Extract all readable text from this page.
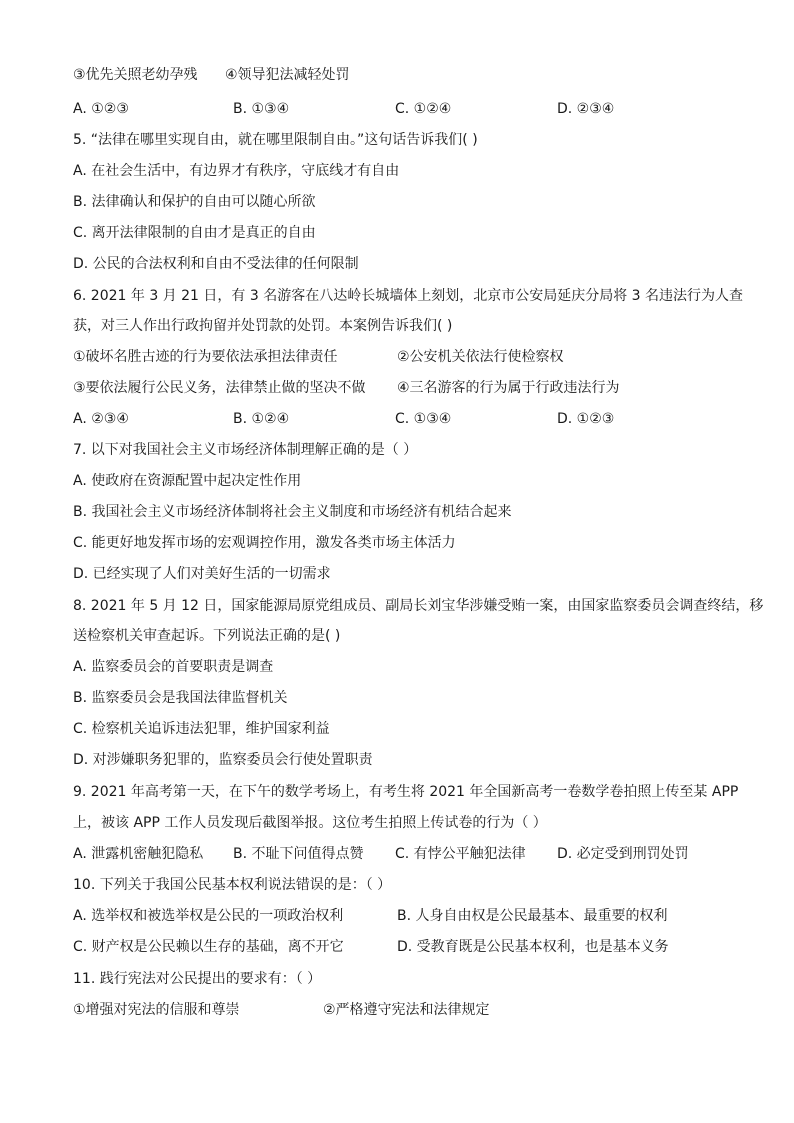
③优先关照老幼孕残 ④领导犯法减轻处罚
A. ①②③	B. ①③④	C. ①②④	D. ②③④
5. “法律在哪里实现自由，就在哪里限制自由。”这句话告诉我们( )
A. 在社会生活中，有边界才有秩序，守底线才有自由
B. 法律确认和保护的自由可以随心所欲
C. 离开法律限制的自由才是真正的自由
D. 公民的合法权利和自由不受法律的任何限制
6. 2021 年 3 月 21 日，有 3 名游客在八达岭长城墙体上刻划，北京市公安局延庆分局将 3 名违法行为人查
获，对三人作出行政拘留并处罚款的处罚。本案例告诉我们( )
①破坏名胜古迹的行为要依法承担法律责任	②公安机关依法行使检察权
③要依法履行公民义务，法律禁止做的坚决不做 ④三名游客的行为属于行政违法行为
A. ②③④	B. ①②④	C. ①③④	D. ①②③
7. 以下对我国社会主义市场经济体制理解正确的是（ ）
A. 使政府在资源配置中起决定性作用
B. 我国社会主义市场经济体制将社会主义制度和市场经济有机结合起来
C. 能更好地发挥市场的宏观调控作用，激发各类市场主体活力
D. 已经实现了人们对美好生活的一切需求
8. 2021 年 5 月 12 日，国家能源局原党组成员、副局长刘宝华涉嫌受贿一案，由国家监察委员会调查终结，移
送检察机关审查起诉。下列说法正确的是( )
A. 监察委员会的首要职责是调查
B. 监察委员会是我国法律监督机关
C. 检察机关追诉违法犯罪，维护国家利益
D. 对涉嫌职务犯罪的，监察委员会行使处置职责
9. 2021 年高考第一天，在下午的数学考场上，有考生将 2021 年全国新高考一卷数学卷拍照上传至某 APP
上，被该 APP 工作人员发现后截图举报。这位考生拍照上传试卷的行为（ ）
A. 泄露机密触犯隐私 B. 不耻下问值得点赞 C. 有悖公平触犯法律 D. 必定受到刑罚处罚
10. 下列关于我国公民基本权利说法错误的是：（ ）
A. 选举权和被选举权是公民的一项政治权利	B. 人身自由权是公民最基本、最重要的权利
C. 财产权是公民赖以生存的基础，离不开它	D. 受教育既是公民基本权利，也是基本义务
11. 践行宪法对公民提出的要求有：（ ）
①增强对宪法的信服和尊崇	②严格遵守宪法和法律规定
